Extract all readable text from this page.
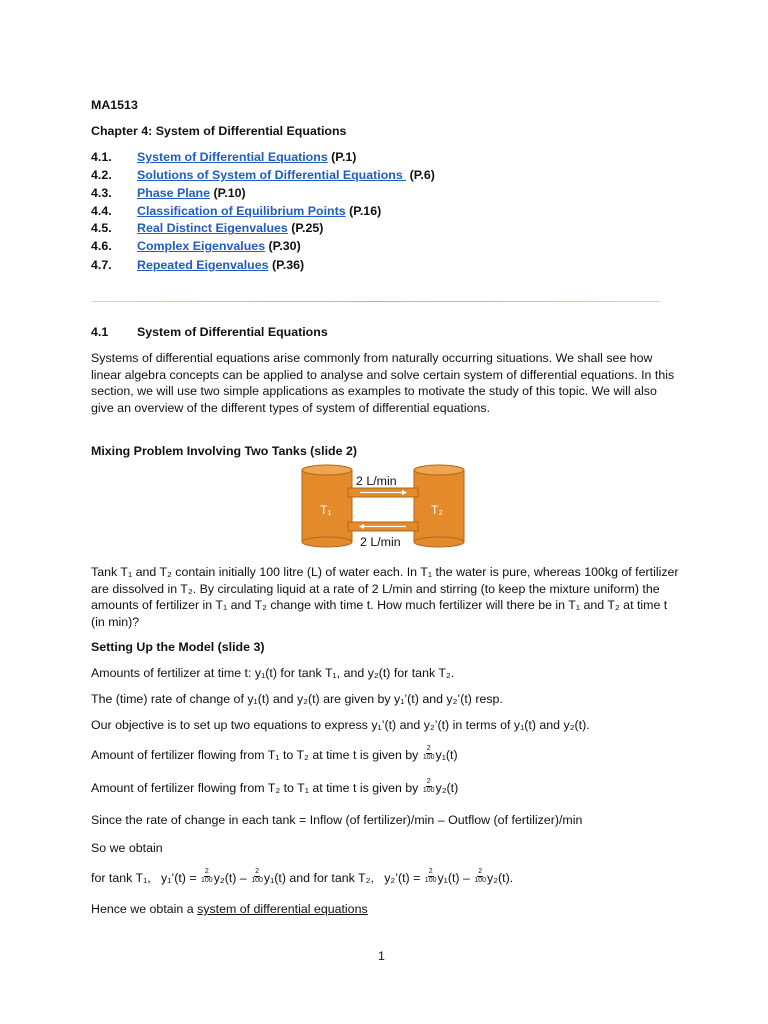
MA1513
Chapter 4: System of Differential Equations
4.1. System of Differential Equations (P.1)
4.2. Solutions of System of Differential Equations  (P.6)
4.3. Phase Plane (P.10)
4.4. Classification of Equilibrium Points (P.16)
4.5. Real Distinct Eigenvalues (P.25)
4.6. Complex Eigenvalues (P.30)
4.7. Repeated Eigenvalues (P.36)
4.1 System of Differential Equations
Systems of differential equations arise commonly from naturally occurring situations. We shall see how linear algebra concepts can be applied to analyse and solve certain system of differential equations. In this section, we will use two simple applications as examples to motivate the study of this topic. We will also give an overview of the different types of system of differential equations.
Mixing Problem Involving Two Tanks (slide 2)
T₁	T₂
2 L/min
2 L/min
Tank T₁ and T₂ contain initially 100 litre (L) of water each. In T₁ the water is pure, whereas 100kg of fertilizer are dissolved in T₂. By circulating liquid at a rate of 2 L/min and stirring (to keep the mixture uniform) the amounts of fertilizer in T₁ and T₂ change with time t. How much fertilizer will there be in T₁ and T₂ at time t (in min)?
Setting Up the Model (slide 3)
Amounts of fertilizer at time t: y₁(t) for tank T₁, and y₂(t) for tank T₂.
The (time) rate of change of y₁(t) and y₂(t) are given by y₁’(t) and y₂’(t) resp.
Our objective is to set up two equations to express y₁’(t) and y₂’(t) in terms of y₁(t) and y₂(t).
Amount of fertilizer flowing from T₁ to T₂ at time t is given by $\frac{2}{100} y_1(t)$
Amount of fertilizer flowing from T₂ to T₁ at time t is given by $\frac{2}{100} y_2(t)$
Since the rate of change in each tank = Inflow (of fertilizer)/min – Outflow (of fertilizer)/min
So we obtain
for tank T₁,   y₁’(t) = $\frac{2}{100} y_2(t) - \frac{2}{100} y_1(t)$ and for tank T₂,   y₂’(t) = $\frac{2}{100} y_1(t) - \frac{2}{100} y_2(t)$.
Hence we obtain a system of differential equations
1
